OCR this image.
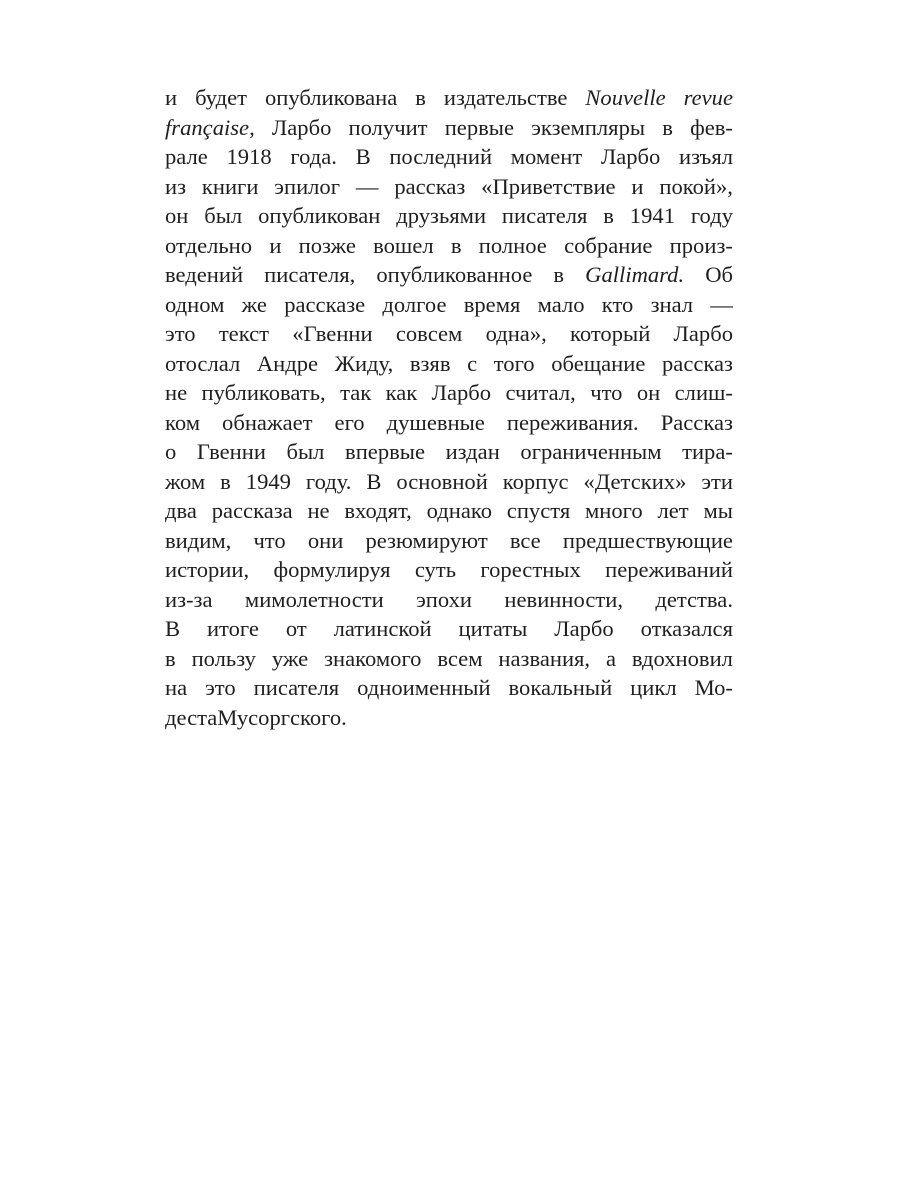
и будет опубликована в издательстве Nouvelle revue
française, Ларбо получит первые экземпляры в фев-
рале 1918 года. В последний момент Ларбо изъял
из книги эпилог — рассказ «Приветствие и покой»,
он был опубликован друзьями писателя в 1941 году
отдельно и позже вошел в полное собрание произ-
ведений писателя, опубликованное в Gallimard. Об
одном же рассказе долгое время мало кто знал —
это текст «Гвенни совсем одна», который Ларбо
отослал Андре Жиду, взяв с того обещание рассказ
не публиковать, так как Ларбо считал, что он слиш-
ком обнажает его душевные переживания. Рассказ
о Гвенни был впервые издан ограниченным тира-
жом в 1949 году. В основной корпус «Детских» эти
два рассказа не входят, однако спустя много лет мы
видим, что они резюмируют все предшествующие
истории, формулируя суть горестных переживаний
из-за мимолетности эпохи невинности, детства.
В итоге от латинской цитаты Ларбо отказался
в пользу уже знакомого всем названия, а вдохновил
на это писателя одноименный вокальный цикл Мо-
деста Мусоргского.
